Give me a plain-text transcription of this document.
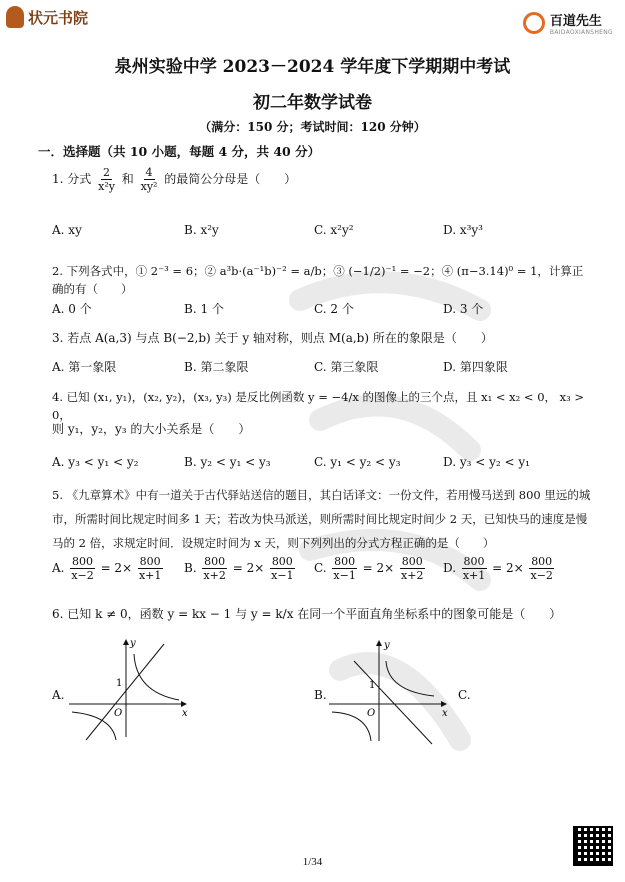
状元书院	百道先生
BAIDAOXIANSHENG
泉州实验中学 2023－2024 学年度下学期期中考试
初二年数学试卷
（满分：150 分；考试时间：120 分钟）
一．选择题（共 10 小题，每题 4 分，共 40 分）
1. 分式 $\frac{2}{\text{x²y}}$ 和 $\frac{4}{\text{xy²}}$ 的最简公分母是（　　）
A. xy	B. x²y	C. x²y²	D. x³y³
2. 下列各式中，① 2⁻³ = 6；② a³b·(a⁻¹b)⁻² = a/b；③ (−1/2)⁻¹ = −2；④ (π−3.14)⁰ = 1，计算正确的有（　　）
A. 0 个	B. 1 个	C. 2 个	D. 3 个
3. 若点 A(a,3) 与点 B(−2,b) 关于 y 轴对称，则点 M(a,b) 所在的象限是（　　）
A. 第一象限	B. 第二象限	C. 第三象限	D. 第四象限
4. 已知 (x₁, y₁)，(x₂, y₂)，(x₃, y₃) 是反比例函数 y = −4/x 的图像上的三个点，且 x₁ < x₂ < 0， x₃ > 0，
则 y₁，y₂，y₃ 的大小关系是（　　）
A. y₃ < y₁ < y₂	B. y₂ < y₁ < y₃	C. y₁ < y₂ < y₃	D. y₃ < y₂ < y₁
5. 《九章算术》中有一道关于古代驿站送信的题目，其白话译文：一份文件，若用慢马送到 800 里远的城
市，所需时间比规定时间多 1 天；若改为快马派送，则所需时间比规定时间少 2 天，已知快马的速度是慢
马的 2 倍，求规定时间．设规定时间为 x 天，则下列列出的分式方程正确的是（　　）
A. $\frac{800}{x-2} = 2\times \frac{800}{x+1} B$. $\frac{800}{x+2} = 2\times \frac{800}{x-1} C$. $\frac{800}{x-1} = 2\times \frac{800}{x+2} D$. $\frac{800}{x+1} = 2\times \frac{800}{x-2}$
6. 已知 k ≠ 0，函数 y = kx − 1 与 y = k/x 在同一个平面直角坐标系中的图象可能是（　　）
A.
x
y
O
1
B.
x
y
O
1
C.
1/34
